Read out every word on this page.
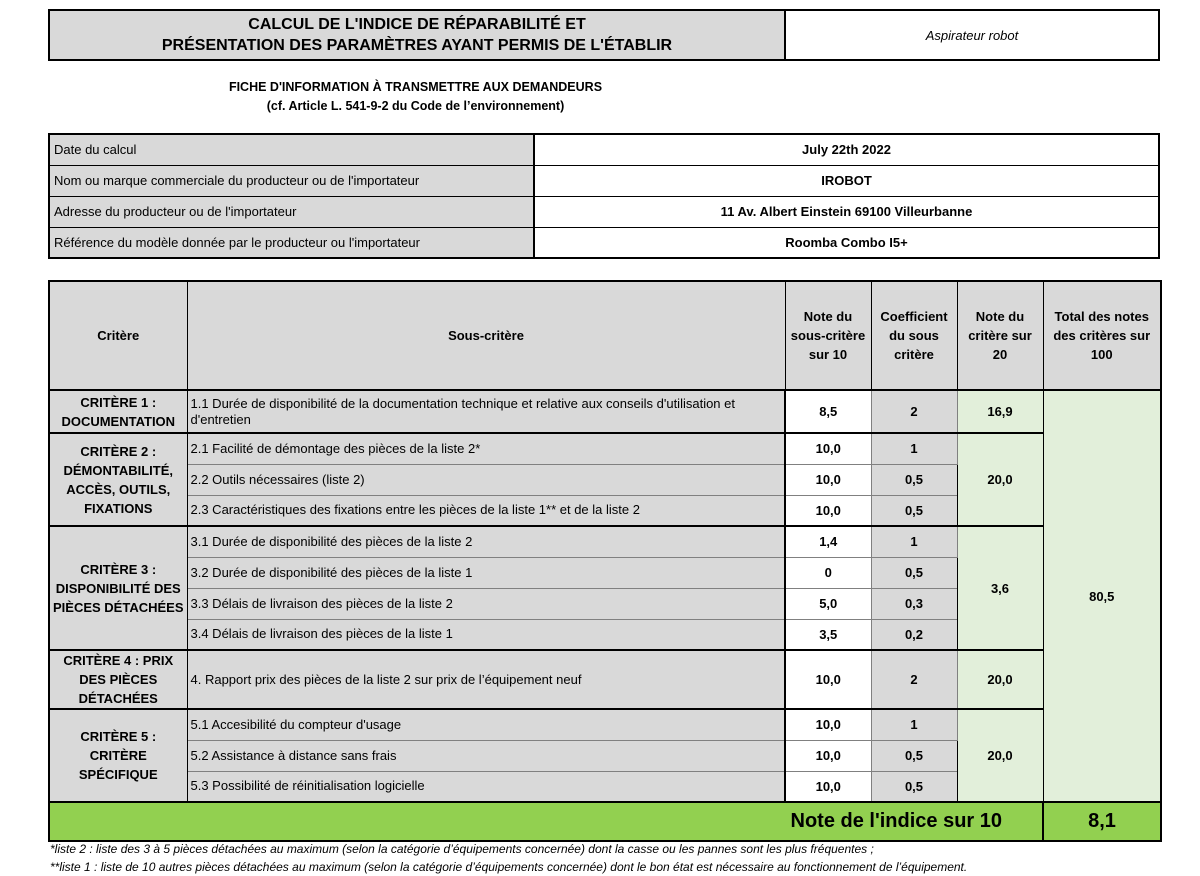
CALCUL DE L'INDICE DE RÉPARABILITÉ ET
PRÉSENTATION DES PARAMÈTRES AYANT PERMIS DE L'ÉTABLIR
Aspirateur robot
FICHE D'INFORMATION À TRANSMETTRE AUX DEMANDEURS
(cf. Article L. 541-9-2 du Code de l’environnement)
Date du calcul	July 22th 2022
Nom ou marque commerciale du producteur ou de l'importateur	IROBOT
Adresse du producteur ou de l'importateur	11 Av. Albert Einstein 69100 Villeurbanne
Référence du modèle donnée par le producteur ou l'importateur	Roomba Combo I5+
Critère	Sous-critère	Note du sous-critère sur 10	Coefficient du sous critère	Note du critère sur 20	Total des notes des critères sur 100
CRITÈRE 1 : DOCUMENTATION	1.1 Durée de disponibilité de la documentation technique et relative aux conseils d'utilisation et d'entretien	8,5	2	16,9	80,5
CRITÈRE 2 : DÉMONTABILITÉ, ACCÈS, OUTILS, FIXATIONS	2.1 Facilité de démontage des pièces de la liste 2*	10,0	1	20,0	
	2.2 Outils nécessaires (liste 2)	10,0	0,5		
	2.3 Caractéristiques des fixations entre les pièces de la liste 1** et de la liste 2	10,0	0,5		
CRITÈRE 3 : DISPONIBILITÉ DES PIÈCES DÉTACHÉES	3.1 Durée de disponibilité des pièces de la liste 2	1,4	1	3,6	
	3.2 Durée de disponibilité des pièces de la liste 1	0	0,5		
	3.3 Délais de livraison des pièces de la liste 2	5,0	0,3		
	3.4 Délais de livraison des pièces de la liste 1	3,5	0,2		
CRITÈRE 4 : PRIX DES PIÈCES DÉTACHÉES	4. Rapport prix des pièces de la liste 2 sur prix de l’équipement neuf	10,0	2	20,0	
CRITÈRE 5 : CRITÈRE SPÉCIFIQUE	5.1 Accesibilité du compteur d'usage	10,0	1	20,0	
	5.2 Assistance à distance sans frais	10,0	0,5		
	5.3 Possibilité de réinitialisation logicielle	10,0	0,5		
Note de l'indice sur 10					8,1
*liste 2 : liste des 3 à 5 pièces détachées au maximum (selon la catégorie d’équipements concernée) dont la casse ou les pannes sont les plus fréquentes ;
**liste 1 : liste de 10 autres pièces détachées au maximum (selon la catégorie d’équipements concernée) dont le bon état est nécessaire au fonctionnement de l’équipement.
